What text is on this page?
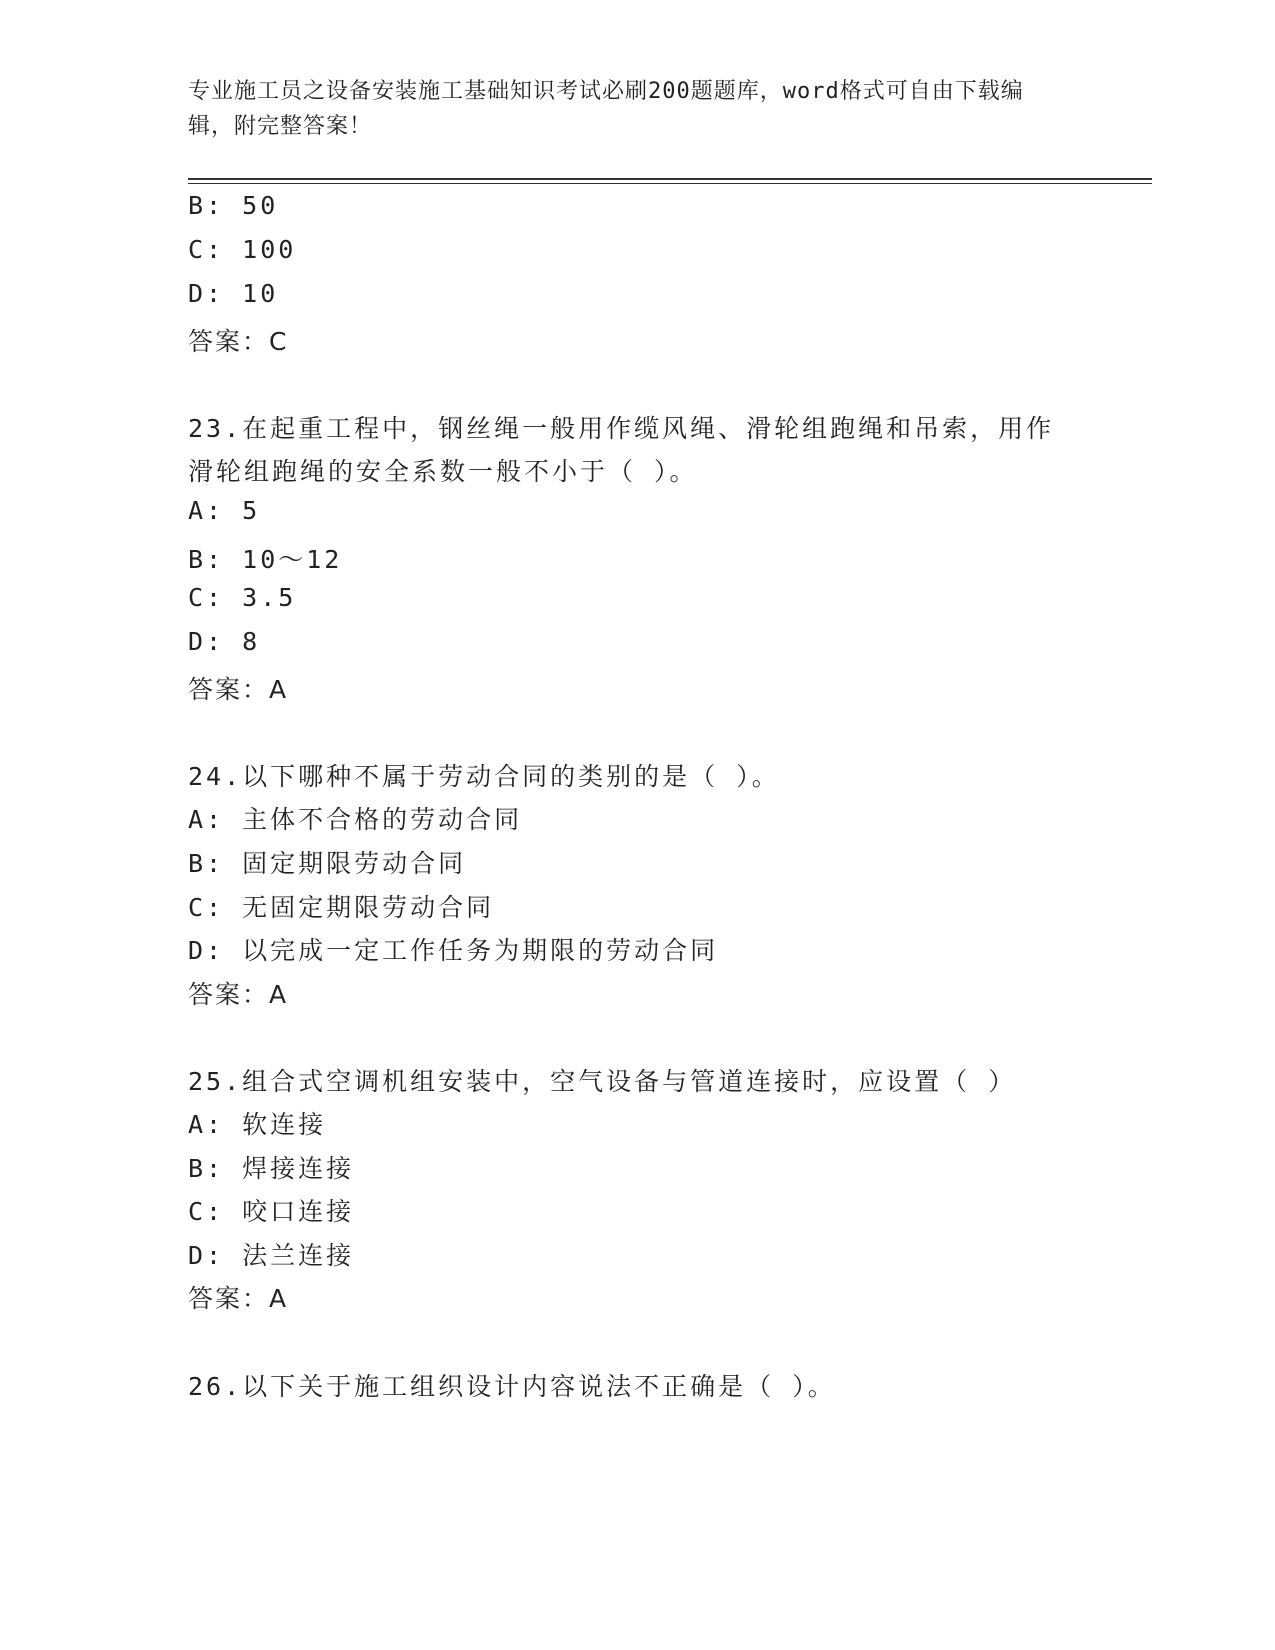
专业施工员之设备安装施工基础知识考试必刷200题题库，word格式可自由下载编辑，附完整答案！
B: 50
C: 100
D: 10
答案：C
23.在起重工程中，钢丝绳一般用作缆风绳、滑轮组跑绳和吊索，用作
滑轮组跑绳的安全系数一般不小于（ ）。
A: 5
B: 10～12
C: 3.5
D: 8
答案：A
24.以下哪种不属于劳动合同的类别的是（ ）。
A: 主体不合格的劳动合同
B: 固定期限劳动合同
C: 无固定期限劳动合同
D: 以完成一定工作任务为期限的劳动合同
答案：A
25.组合式空调机组安装中，空气设备与管道连接时，应设置（ ）
A: 软连接
B: 焊接连接
C: 咬口连接
D: 法兰连接
答案：A
26.以下关于施工组织设计内容说法不正确是（ ）。
